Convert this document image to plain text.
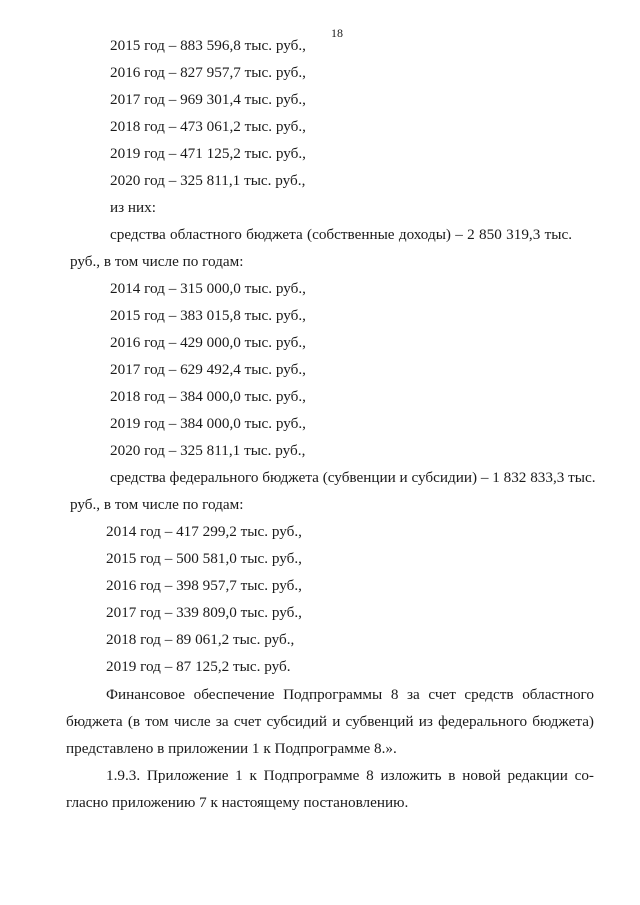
18
2015 год – 883 596,8 тыс. руб.,
2016 год – 827 957,7 тыс. руб.,
2017 год – 969 301,4 тыс. руб.,
2018 год – 473 061,2 тыс. руб.,
2019 год – 471 125,2 тыс. руб.,
2020 год – 325 811,1 тыс. руб.,
из них:
средства областного бюджета (собственные доходы) – 2 850 319,3 тыс.
руб., в том числе по годам:
2014 год – 315 000,0 тыс. руб.,
2015 год – 383 015,8 тыс. руб.,
2016 год – 429 000,0 тыс. руб.,
2017 год – 629 492,4 тыс. руб.,
2018 год – 384 000,0 тыс. руб.,
2019 год – 384 000,0 тыс. руб.,
2020 год – 325 811,1 тыс. руб.,
средства федерального бюджета (субвенции и субсидии) – 1 832 833,3 тыс.
руб., в том числе по годам:
2014 год – 417 299,2 тыс. руб.,
2015 год – 500 581,0 тыс. руб.,
2016 год – 398 957,7 тыс. руб.,
2017 год – 339 809,0 тыс. руб.,
2018 год – 89 061,2 тыс. руб.,
2019 год – 87 125,2 тыс. руб.
Финансовое обеспечение Подпрограммы 8 за счет средств областного
бюджета (в том числе за счет субсидий и субвенций из федерального бюджета)
представлено в приложении 1 к Подпрограмме 8.».
1.9.3. Приложение 1 к Подпрограмме 8 изложить в новой редакции со-
гласно приложению 7 к настоящему постановлению.
